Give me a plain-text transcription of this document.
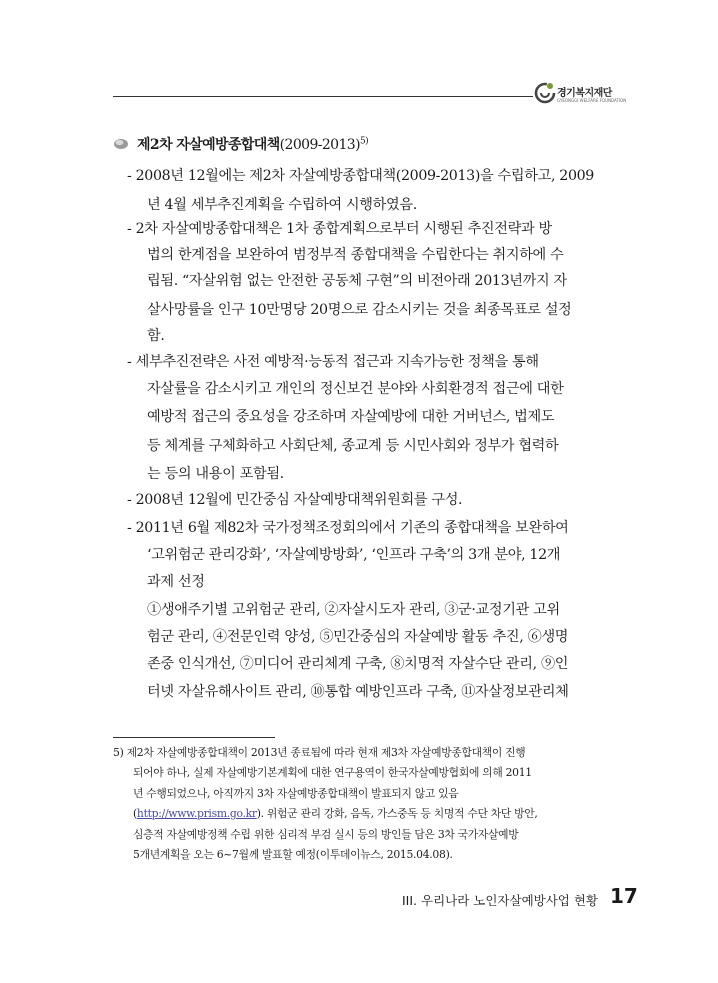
경기복지재단
GYEONGGI WELFARE FOUNDATION
제2차 자살예방종합대책(2009-2013)$^{5)}$
- 2008년 12월에는 제2차 자살예방종합대책(2009-2013)을 수립하고, 2009
년 4월 세부추진계획을 수립하여 시행하였음.
- 2차 자살예방종합대책은 1차 종합계획으로부터 시행된 추진전략과 방
법의 한계점을 보완하여 범정부적 종합대책을 수립한다는 취지하에 수
립됨. “자살위험 없는 안전한 공동체 구현”의 비전아래 2013년까지 자
살사망률을 인구 10만명당 20명으로 감소시키는 것을 최종목표로 설정
함.
- 세부추진전략은 사전 예방적·능동적 접근과 지속가능한 정책을 통해
자살률을 감소시키고 개인의 정신보건 분야와 사회환경적 접근에 대한
예방적 접근의 중요성을 강조하며 자살예방에 대한 거버넌스, 법제도
등 체계를 구체화하고 사회단체, 종교계 등 시민사회와 정부가 협력하
는 등의 내용이 포함됨.
- 2008년 12월에 민간중심 자살예방대책위원회를 구성.
- 2011년 6월 제82차 국가정책조정회의에서 기존의 종합대책을 보완하여
‘고위험군 관리강화’, ‘자살예방방화’, ‘인프라 구축’의 3개 분야, 12개
과제 선정
①생애주기별 고위험군 관리, ②자살시도자 관리, ③군·교정기관 고위
험군 관리, ④전문인력 양성, ⑤민간중심의 자살예방 활동 추진, ⑥생명
존중 인식개선, ⑦미디어 관리체계 구축, ⑧치명적 자살수단 관리, ⑨인
터넷 자살유해사이트 관리, ⑩통합 예방인프라 구축, ⑪자살정보관리체
5) 제2차 자살예방종합대책이 2013년 종료됨에 따라 현재 제3차 자살예방종합대책이 진행
되어야 하나, 실제 자살예방기본계획에 대한 연구용역이 한국자살예방협회에 의해 2011
년 수행되었으나, 아직까지 3차 자살예방종합대책이 발표되지 않고 있음
(http://www.prism.go.kr). 위험군 관리 강화, 음독, 가스중독 등 치명적 수단 차단 방안,
심층적 자살예방정책 수립 위한 심리적 부검 실시 등의 방인들 담은 3차 국가자살예방
5개년계획을 오는 6~7월께 발표할 예정(이투데이뉴스, 2015.04.08).
III. 우리나라 노인자살예방사업 현황 17
